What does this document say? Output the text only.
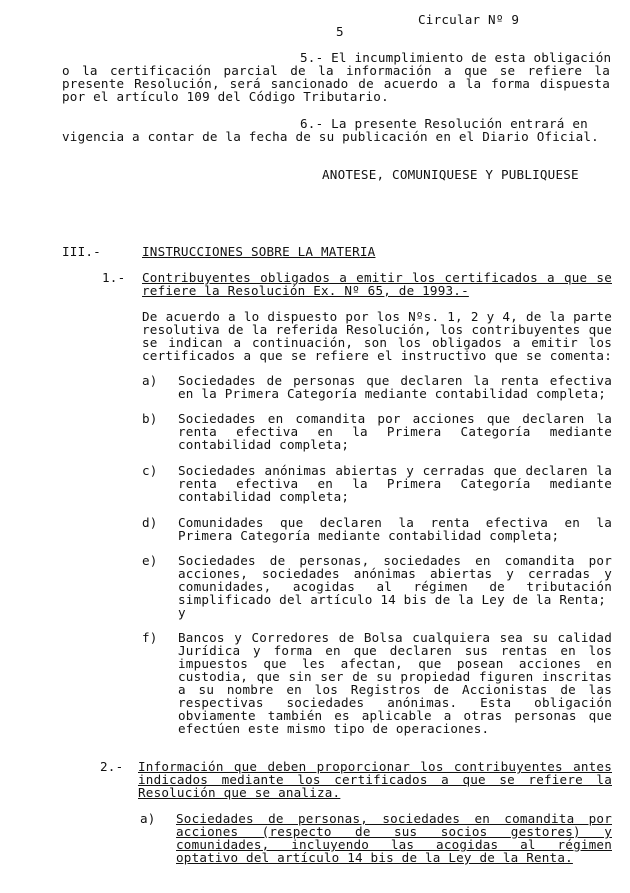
Circular Nº 9
5
5.- El incumplimiento de esta obligación
o la certificación parcial de la información a que se refiere la
presente Resolución, será sancionado de acuerdo a la forma dispuesta
por el artículo 109 del Código Tributario.
6.- La presente Resolución entrará en
vigencia a contar de la fecha de su publicación en el Diario Oficial.
ANOTESE, COMUNIQUESE Y PUBLIQUESE
III.-	INSTRUCCIONES SOBRE LA MATERIA
1.- Contribuyentes obligados a emitir los certificados a que se
refiere la Resolución Ex. Nº 65, de 1993.-
De acuerdo a lo dispuesto por los Nºs. 1, 2 y 4, de la parte
resolutiva de la referida Resolución, los contribuyentes que
se indican a continuación, son los obligados a emitir los
certificados a que se refiere el instructivo que se comenta:
a) Sociedades de personas que declaren la renta efectiva
en la Primera Categoría mediante contabilidad completa;
b) Sociedades en comandita por acciones que declaren la
renta efectiva en la Primera Categoría mediante
contabilidad completa;
c) Sociedades anónimas abiertas y cerradas que declaren la
renta efectiva en la Primera Categoría mediante
contabilidad completa;
d) Comunidades que declaren la renta efectiva en la
Primera Categoría mediante contabilidad completa;
e) Sociedades de personas, sociedades en comandita por
acciones, sociedades anónimas abiertas y cerradas y
comunidades, acogidas al régimen de tributación
simplificado del artículo 14 bis de la Ley de la Renta;
y
f) Bancos y Corredores de Bolsa cualquiera sea su calidad
Jurídica y forma en que declaren sus rentas en los
impuestos que les afectan, que posean acciones en
custodia, que sin ser de su propiedad figuren inscritas
a su nombre en los Registros de Accionistas de las
respectivas sociedades anónimas. Esta obligación
obviamente también es aplicable a otras personas que
efectúen este mismo tipo de operaciones.
2.- Información que deben proporcionar los contribuyentes antes
indicados mediante los certificados a que se refiere la
Resolución que se analiza.
a) Sociedades de personas, sociedades en comandita por
acciones (respecto de sus socios gestores) y
comunidades, incluyendo las acogidas al régimen
optativo del artículo 14 bis de la Ley de la Renta.
